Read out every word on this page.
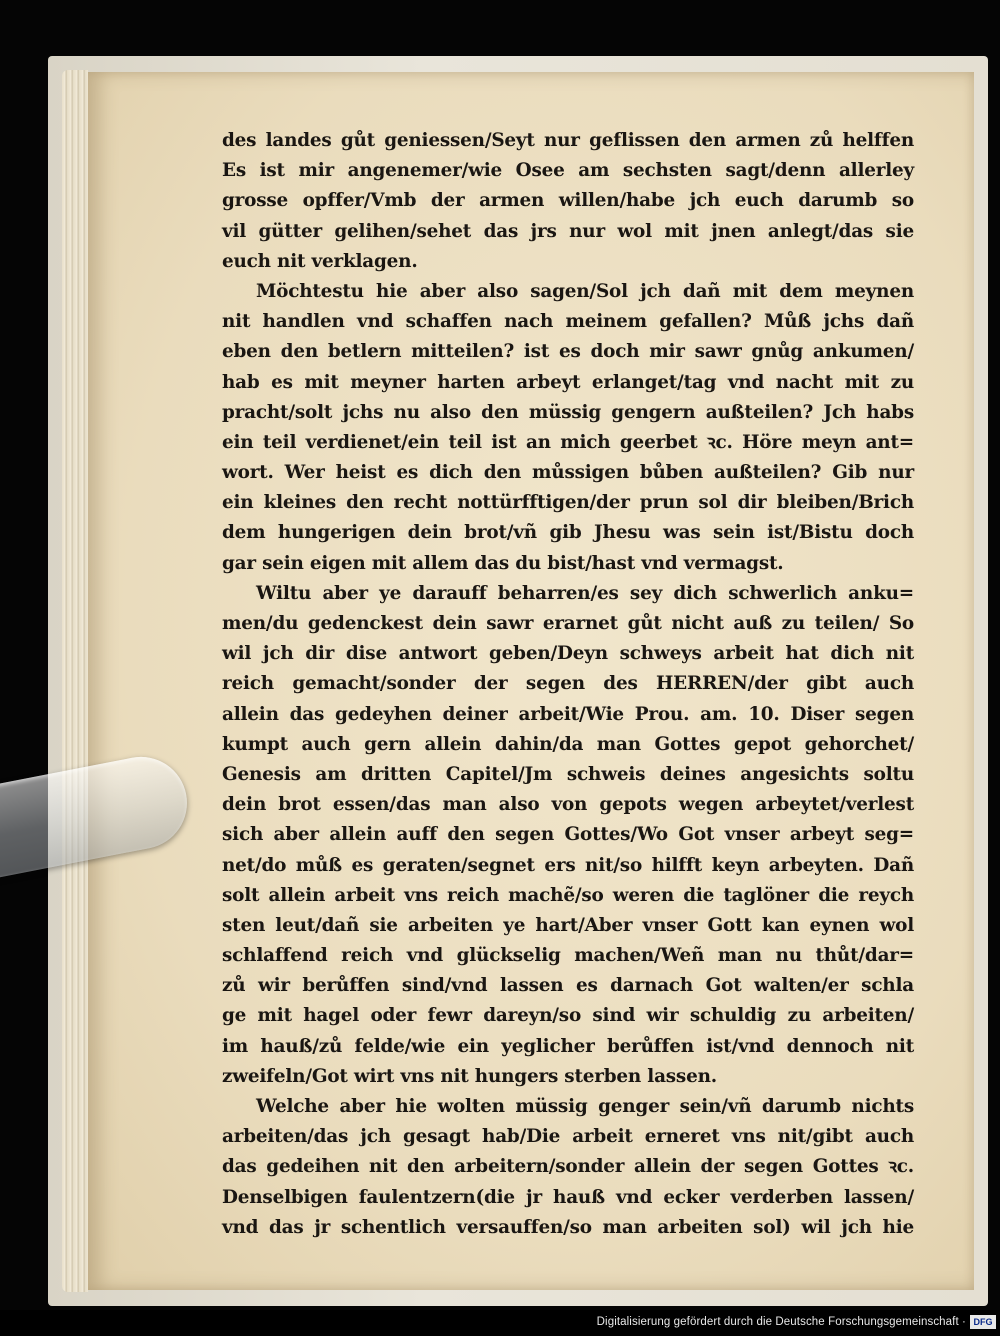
des landes gůt geniessen/Seyt nur geflissen den armen zů helffen
Es ist mir angenemer/wie Osee am sechsten sagt/denn allerley
grosse opffer/Vmb der armen willen/habe jch euch darumb so
vil gütter gelihen/sehet das jrs nur wol mit jnen anlegt/das sie
euch nit verklagen.
Möchtestu hie aber also sagen/Sol jch dañ mit dem meynen
nit handlen vnd schaffen nach meinem gefallen? Můß jchs dañ
eben den betlern mitteilen? ist es doch mir sawr gnůg ankumen/
hab es mit meyner harten arbeyt erlanget/tag vnd nacht mit zu
pracht/solt jchs nu also den müssig gengern außteilen? Jch habs
ein teil verdienet/ein teil ist an mich geerbet ꝛc. Höre meyn ant=
wort. Wer heist es dich den můssigen bůben außteilen? Gib nur
ein kleines den recht nottürfftigen/der prun sol dir bleiben/Brich
dem hungerigen dein brot/vñ gib Jhesu was sein ist/Bistu doch
gar sein eigen mit allem das du bist/hast vnd vermagst.
Wiltu aber ye darauff beharren/es sey dich schwerlich anku=
men/du gedenckest dein sawr erarnet gůt nicht auß zu teilen/ So
wil jch dir dise antwort geben/Deyn schweys arbeit hat dich nit
reich gemacht/sonder der segen des HERREN/der gibt auch
allein das gedeyhen deiner arbeit/Wie Prou. am. 10. Diser segen
kumpt auch gern allein dahin/da man Gottes gepot gehorchet/
Genesis am dritten Capitel/Jm schweis deines angesichts soltu
dein brot essen/das man also von gepots wegen arbeytet/verlest
sich aber allein auff den segen Gottes/Wo Got vnser arbeyt seg=
net/do můß es geraten/segnet ers nit/so hilfft keyn arbeyten. Dañ
solt allein arbeit vns reich machẽ/so weren die taglöner die reych
sten leut/dañ sie arbeiten ye hart/Aber vnser Gott kan eynen wol
schlaffend reich vnd glückselig machen/Weñ man nu thůt/dar=
zů wir berůffen sind/vnd lassen es darnach Got walten/er schla
ge mit hagel oder fewr dareyn/so sind wir schuldig zu arbeiten/
im hauß/zů felde/wie ein yeglicher berůffen ist/vnd dennoch nit
zweifeln/Got wirt vns nit hungers sterben lassen.
Welche aber hie wolten müssig genger sein/vñ darumb nichts
arbeiten/das jch gesagt hab/Die arbeit erneret vns nit/gibt auch
das gedeihen nit den arbeitern/sonder allein der segen Gottes ꝛc.
Denselbigen faulentzern(die jr hauß vnd ecker verderben lassen/
vnd das jr schentlich versauffen/so man arbeiten sol) wil jch hie
Digitalisierung gefördert durch die Deutsche Forschungsgemeinschaft · DFG
